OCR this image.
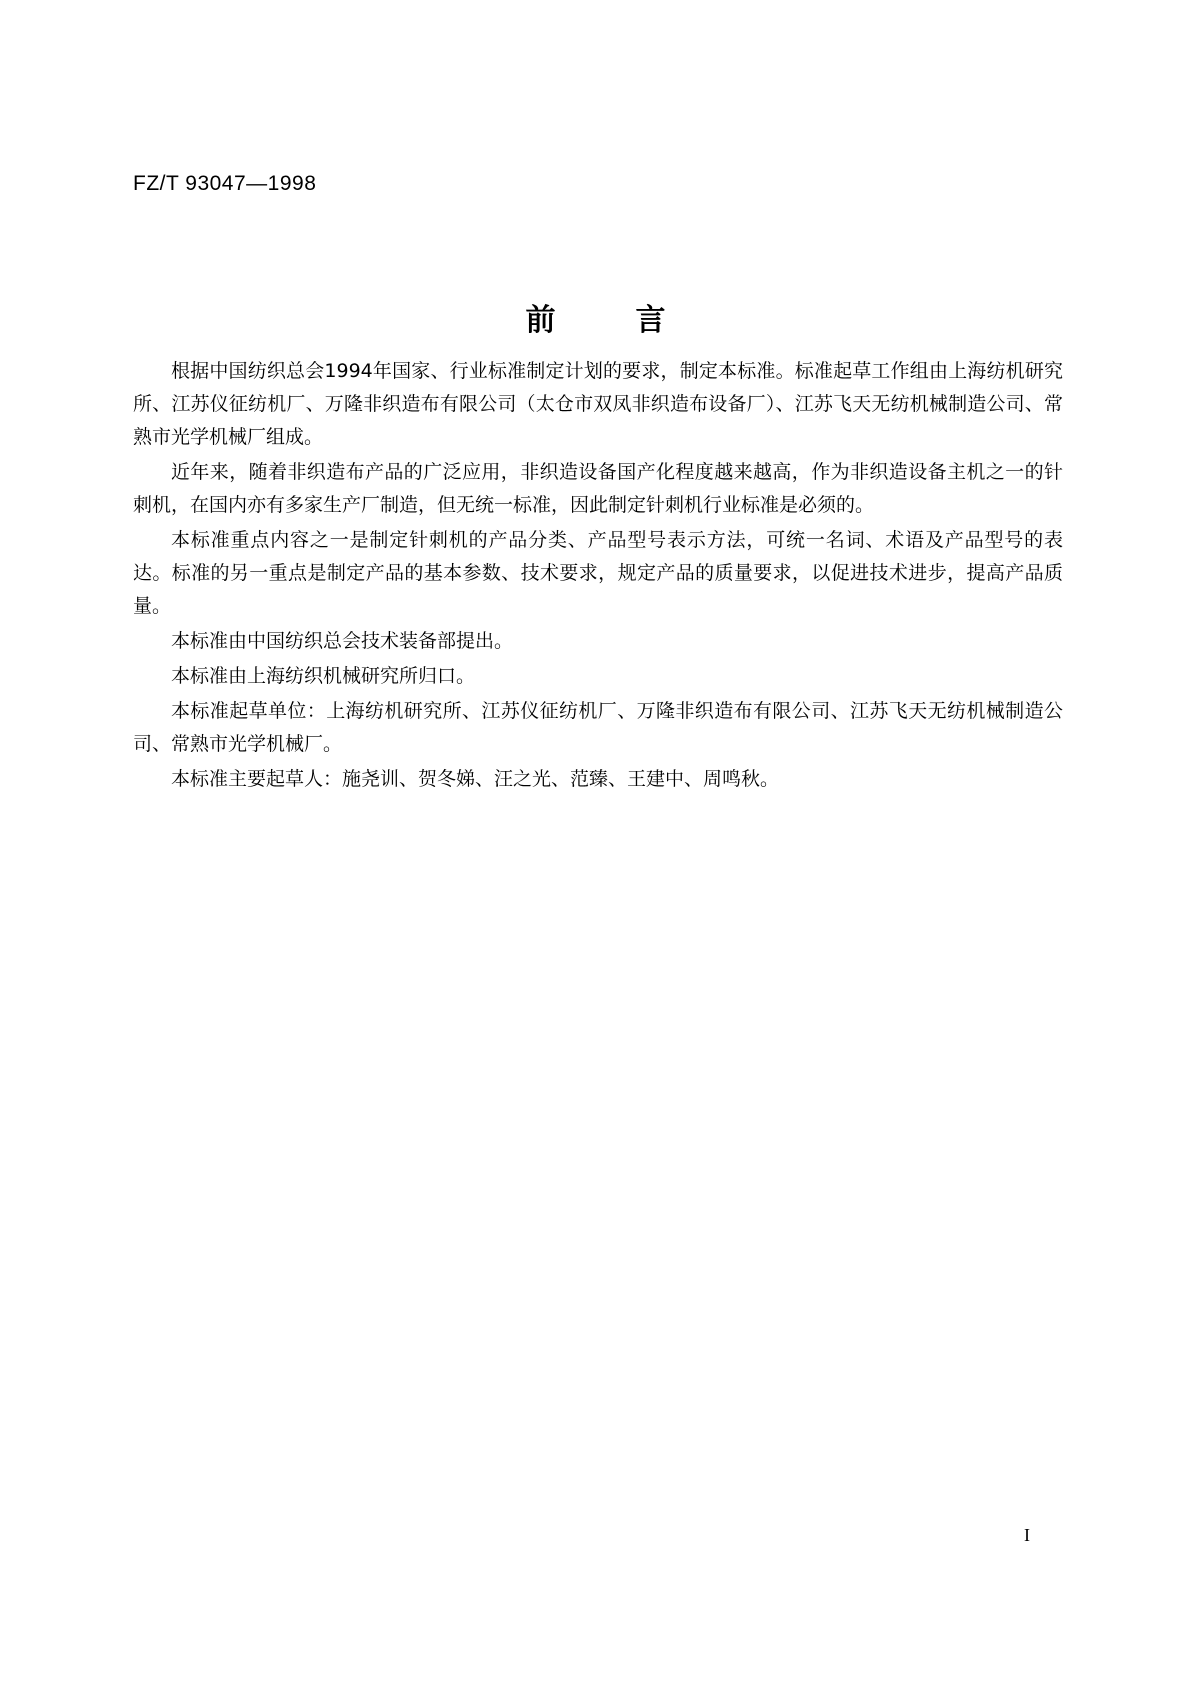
FZ/T 93047—1998
前	言

根据中国纺织总会1994年国家、行业标准制定计划的要求，制定本标准。标准起草工作组由上海纺机研究所、江苏仪征纺机厂、万隆非织造布有限公司（太仓市双凤非织造布设备厂）、江苏飞天无纺机械制造公司、常熟市光学机械厂组成。

近年来，随着非织造布产品的广泛应用，非织造设备国产化程度越来越高，作为非织造设备主机之一的针刺机，在国内亦有多家生产厂制造，但无统一标准，因此制定针刺机行业标准是必须的。

本标准重点内容之一是制定针刺机的产品分类、产品型号表示方法，可统一名词、术语及产品型号的表达。标准的另一重点是制定产品的基本参数、技术要求，规定产品的质量要求，以促进技术进步，提高产品质量。

本标准由中国纺织总会技术装备部提出。

本标准由上海纺织机械研究所归口。

本标准起草单位：上海纺机研究所、江苏仪征纺机厂、万隆非织造布有限公司、江苏飞天无纺机械制造公司、常熟市光学机械厂。

本标准主要起草人：施尧训、贺冬娣、汪之光、范臻、王建中、周鸣秋。

I
